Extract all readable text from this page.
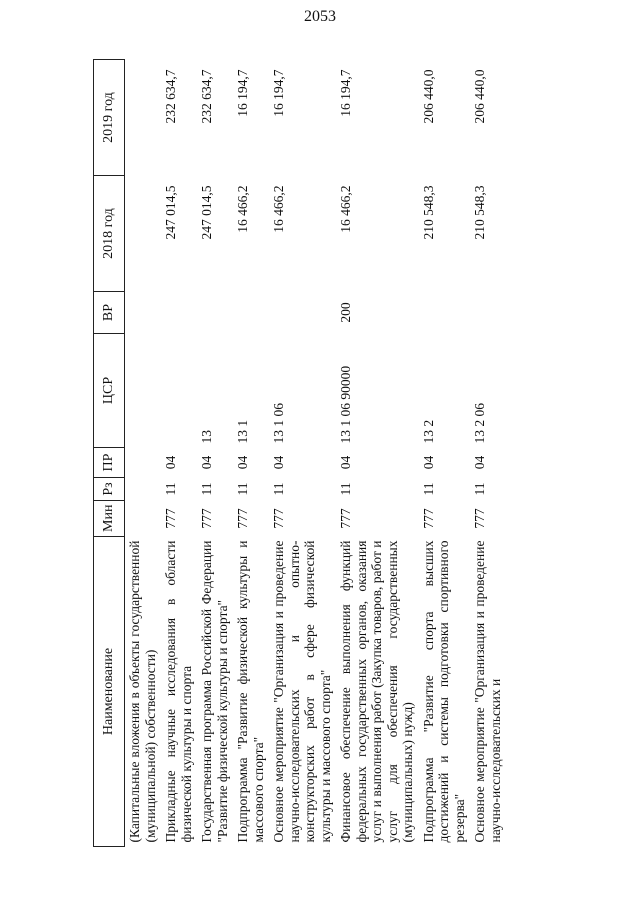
2053
Наименование	Мин	Рз	ПР	ЦСР	ВР	2018 год	2019 год
(Капитальные вложения в объекты государственной (муниципальной) собственности)							
Прикладные научные исследования в области физической культуры и спорта	777	11	04			247 014,5	232 634,7
Государственная программа Российской Федерации "Развитие физической культуры и спорта"	777	11	04	13		247 014,5	232 634,7
Подпрограмма "Развитие физической культуры и массового спорта"	777	11	04	13 1		16 466,2	16 194,7
Основное мероприятие "Организация и проведение научно-исследовательских и опытно-конструкторских работ в сфере физической культуры и массового спорта"	777	11	04	13 1 06		16 466,2	16 194,7
Финансовое обеспечение выполнения функций федеральных государственных органов, оказания услуг и выполнения работ (Закупка товаров, работ и услуг для обеспечения государственных (муниципальных) нужд)	777	11	04	13 1 06 90000	200	16 466,2	16 194,7
Подпрограмма "Развитие спорта высших достижений и системы подготовки спортивного резерва"	777	11	04	13 2		210 548,3	206 440,0
Основное мероприятие "Организация и проведение научно-исследовательских и	777	11	04	13 2 06		210 548,3	206 440,0
